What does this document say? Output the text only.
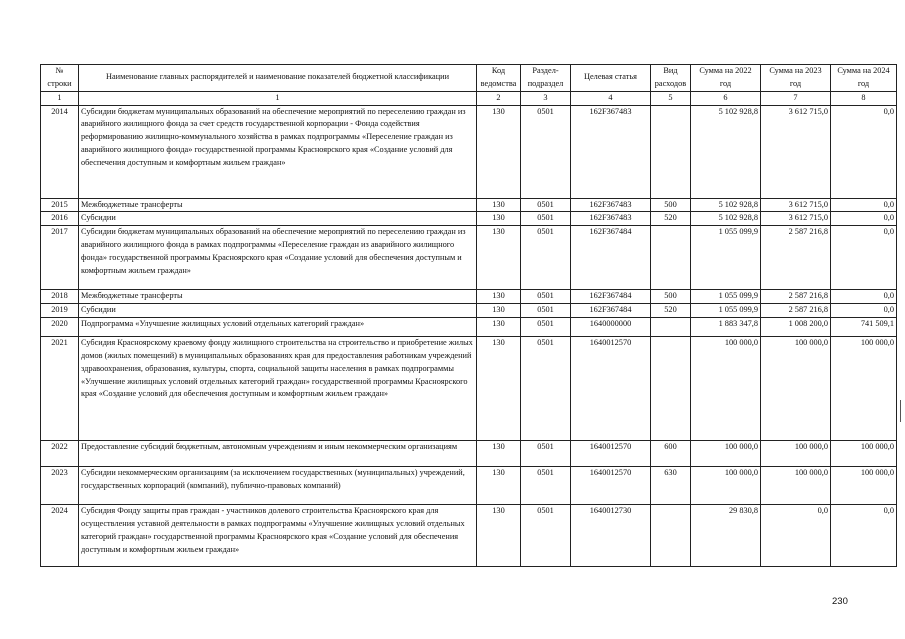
№ строки	Наименование главных распорядителей и наименование показателей бюджетной классификации	Код ведомства	Раздел-подраздел	Целевая статья	Вид расходов	Сумма на 2022 год	Сумма на 2023 год	Сумма на 2024 год
1	1	2	3	4	5	6	7	8
2014	Субсидии бюджетам муниципальных образований на обеспечение мероприятий по переселению граждан из аварийного жилищного фонда за счет средств государственной корпорации - Фонда содействия реформированию жилищно-коммунального хозяйства в рамках подпрограммы «Переселение граждан из аварийного жилищного фонда» государственной программы Красноярского края «Создание условий для обеспечения доступным и комфортным жильем граждан»	130	0501	162F367483		5 102 928,8	3 612 715,0	0,0
2015	Межбюджетные трансферты	130	0501	162F367483	500	5 102 928,8	3 612 715,0	0,0
2016	Субсидии	130	0501	162F367483	520	5 102 928,8	3 612 715,0	0,0
2017	Субсидии бюджетам муниципальных образований на обеспечение мероприятий по переселению граждан из аварийного жилищного фонда в рамках подпрограммы «Переселение граждан из аварийного жилищного фонда» государственной программы Красноярского края «Создание условий для обеспечения доступным и комфортным жильем граждан»	130	0501	162F367484		1 055 099,9	2 587 216,8	0,0
2018	Межбюджетные трансферты	130	0501	162F367484	500	1 055 099,9	2 587 216,8	0,0
2019	Субсидии	130	0501	162F367484	520	1 055 099,9	2 587 216,8	0,0
2020	Подпрограмма «Улучшение жилищных условий отдельных категорий граждан»	130	0501	1640000000		1 883 347,8	1 008 200,0	741 509,1
2021	Субсидия Красноярскому краевому фонду жилищного строительства на строительство и приобретение жилых домов (жилых помещений) в муниципальных образованиях края для предоставления работникам учреждений здравоохранения, образования, культуры, спорта, социальной защиты населения в рамках подпрограммы «Улучшение жилищных условий отдельных категорий граждан» государственной программы Красноярского края «Создание условий для обеспечения доступным и комфортным жильем граждан»	130	0501	1640012570		100 000,0	100 000,0	100 000,0
2022	Предоставление субсидий бюджетным, автономным учреждениям и иным некоммерческим организациям	130	0501	1640012570	600	100 000,0	100 000,0	100 000,0
2023	Субсидии некоммерческим организациям (за исключением государственных (муниципальных) учреждений, государственных корпораций (компаний), публично-правовых компаний)	130	0501	1640012570	630	100 000,0	100 000,0	100 000,0
2024	Субсидия Фонду защиты прав граждан - участников долевого строительства Красноярского края для осуществления уставной деятельности в рамках подпрограммы «Улучшение жилищных условий отдельных категорий граждан» государственной программы Красноярского края «Создание условий для обеспечения доступным и комфортным жильем граждан»	130	0501	1640012730		29 830,8	0,0	0,0
230
